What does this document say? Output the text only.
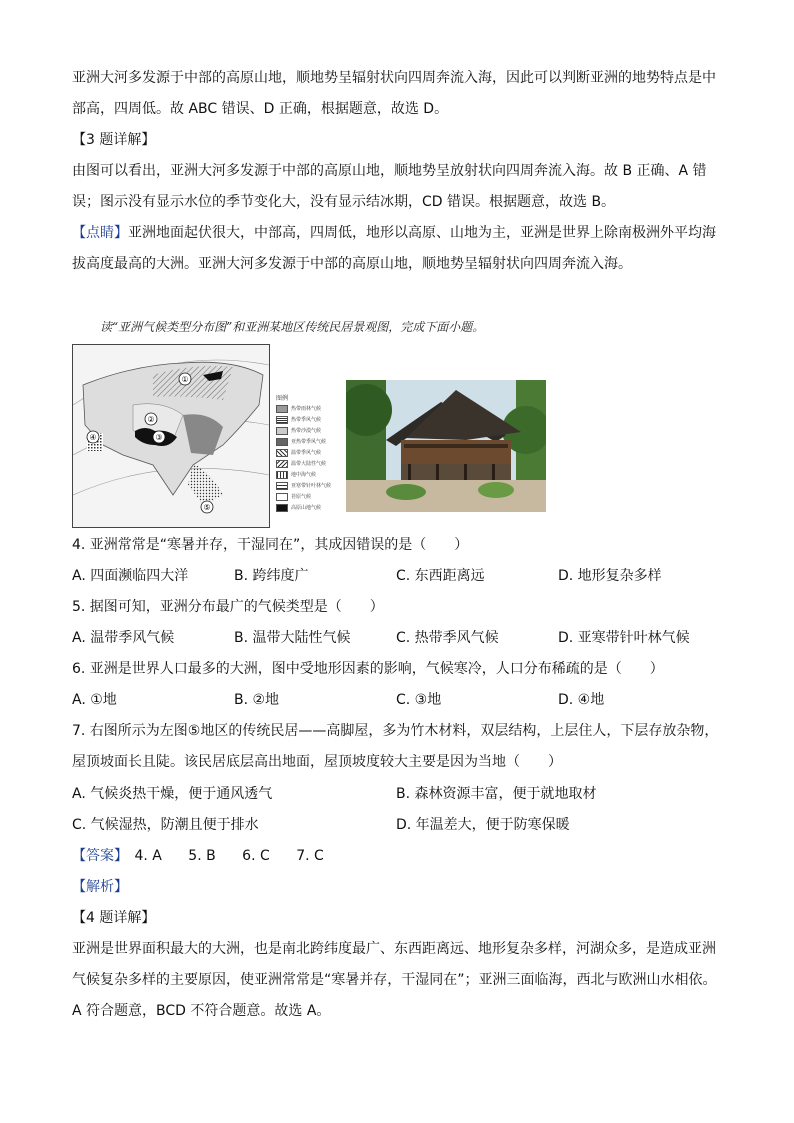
亚洲大河多发源于中部的高原山地，顺地势呈辐射状向四周奔流入海，因此可以判断亚洲的地势特点是中
部高，四周低。故 ABC 错误、D 正确，根据题意，故选 D。
【3 题详解】
由图可以看出，亚洲大河多发源于中部的高原山地，顺地势呈放射状向四周奔流入海。故 B 正确、A 错
误；图示没有显示水位的季节变化大，没有显示结冰期，CD 错误。根据题意，故选 B。
【点睛】亚洲地面起伏很大，中部高，四周低，地形以高原、山地为主，亚洲是世界上除南极洲外平均海
拔高度最高的大洲。亚洲大河多发源于中部的高原山地，顺地势呈辐射状向四周奔流入海。
读“亚洲气候类型分布图”和亚洲某地区传统民居景观图，完成下面小题。
①
②
③
④
⑤
图例
热带雨林气候
热带季风气候
热带沙漠气候
亚热带季风气候
温带季风气候
温带大陆性气候
地中海气候
亚寒带针叶林气候
苔原气候
高原山地气候
4. 亚洲常常是“寒暑并存，干湿同在”，其成因错误的是（　　）
A. 四面濒临四大洋	B. 跨纬度广	C. 东西距离远	D. 地形复杂多样
5. 据图可知，亚洲分布最广的气候类型是（　　）
A. 温带季风气候	B. 温带大陆性气候	C. 热带季风气候	D. 亚寒带针叶林气候
6. 亚洲是世界人口最多的大洲，图中受地形因素的影响，气候寒冷，人口分布稀疏的是（　　）
A. ①地	B. ②地	C. ③地	D. ④地
7. 右图所示为左图⑤地区的传统民居——高脚屋，多为竹木材料，双层结构，上层住人，下层存放杂物，
屋顶坡面长且陡。该民居底层高出地面，屋顶坡度较大主要是因为当地（　　）
A. 气候炎热干燥，便于通风透气	B. 森林资源丰富，便于就地取材
C. 气候湿热，防潮且便于排水	D. 年温差大，便于防寒保暖
【答案】 4. A 5. B 6. C 7. C
【解析】
【4 题详解】
亚洲是世界面积最大的大洲，也是南北跨纬度最广、东西距离远、地形复杂多样，河湖众多，是造成亚洲
气候复杂多样的主要原因，使亚洲常常是“寒暑并存，干湿同在”；亚洲三面临海，西北与欧洲山水相依。
A 符合题意，BCD 不符合题意。故选 A。
